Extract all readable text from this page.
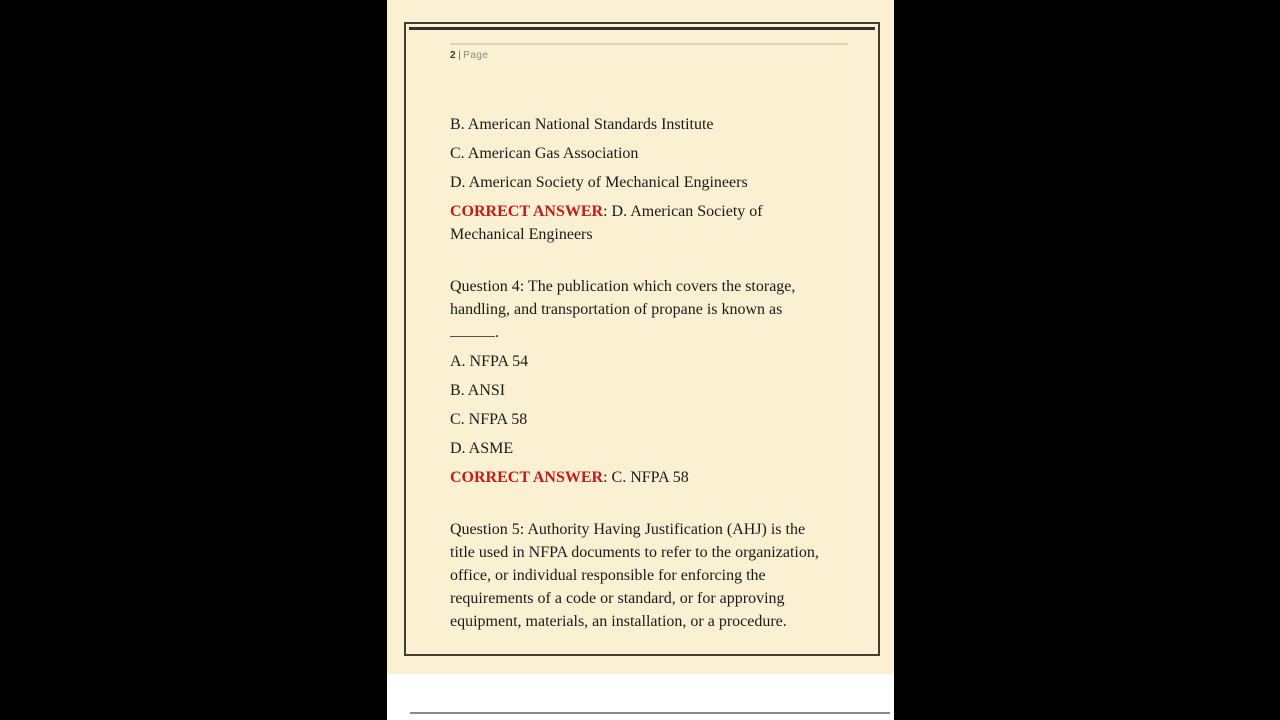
2 | Page
B. American National Standards Institute
C. American Gas Association
D. American Society of Mechanical Engineers
CORRECT ANSWER: D. American Society of
Mechanical Engineers
Question 4: The publication which covers the storage,
handling, and transportation of propane is known as
.
A. NFPA 54
B. ANSI
C. NFPA 58
D. ASME
CORRECT ANSWER: C. NFPA 58
Question 5: Authority Having Justification (AHJ) is the
title used in NFPA documents to refer to the organization,
office, or individual responsible for enforcing the
requirements of a code or standard, or for approving
equipment, materials, an installation, or a procedure.
